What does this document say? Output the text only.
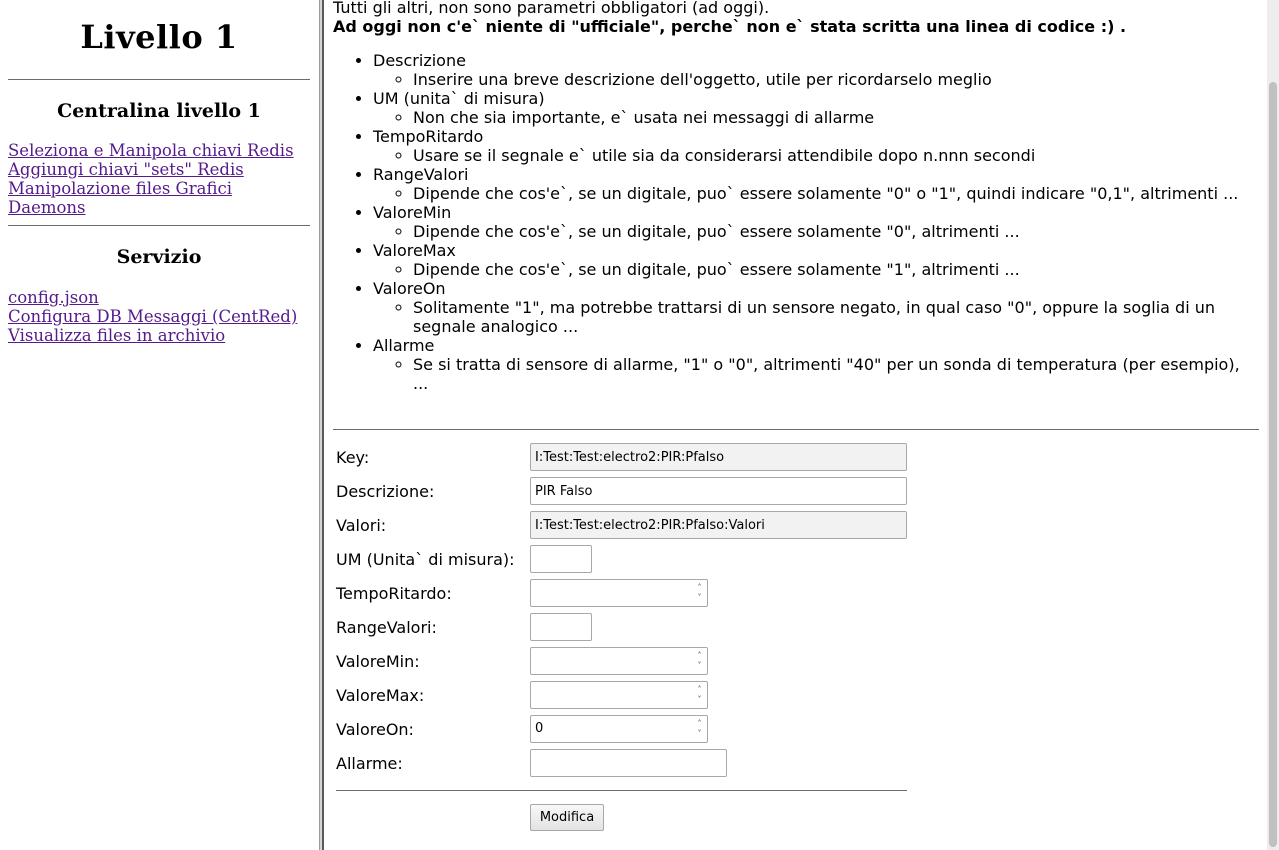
Livello 1
Centralina livello 1
Seleziona e Manipola chiavi Redis
Aggiungi chiavi "sets" Redis
Manipolazione files Grafici
Daemons
Servizio
config.json
Configura DB Messaggi (CentRed)
Visualizza files in archivio
Tutti gli altri, non sono parametri obbligatori (ad oggi).
Ad oggi non c'e` niente di "ufficiale", perche` non e` stata scritta una linea di codice :) .
• Descrizione
◦ Inserire una breve descrizione dell'oggetto, utile per ricordarselo meglio
• UM (unita` di misura)
◦ Non che sia importante, e` usata nei messaggi di allarme
• TempoRitardo
◦ Usare se il segnale e` utile sia da considerarsi attendibile dopo n.nnn secondi
• RangeValori
◦ Dipende che cos'e`, se un digitale, puo` essere solamente "0" o "1", quindi indicare "0,1", altrimenti ...
• ValoreMin
◦ Dipende che cos'e`, se un digitale, puo` essere solamente "0", altrimenti ...
• ValoreMax
◦ Dipende che cos'e`, se un digitale, puo` essere solamente "1", altrimenti ...
• ValoreOn
◦ Solitamente "1", ma potrebbe trattarsi di un sensore negato, in qual caso "0", oppure la soglia di un segnale analogico ...
• Allarme
◦ Se si tratta di sensore di allarme, "1" o "0", altrimenti "40" per un sonda di temperatura (per esempio), ...
Key:
I:Test:Test:electro2:PIR:Pfalso
Descrizione:
PIR Falso
Valori:
I:Test:Test:electro2:PIR:Pfalso:Valori
UM (Unita` di misura):
TempoRitardo:	˄
˅
RangeValori:
ValoreMin:	˄
˅
ValoreMax:	˄
˅
ValoreOn:	0	˄
˅
Allarme:
Modifica
